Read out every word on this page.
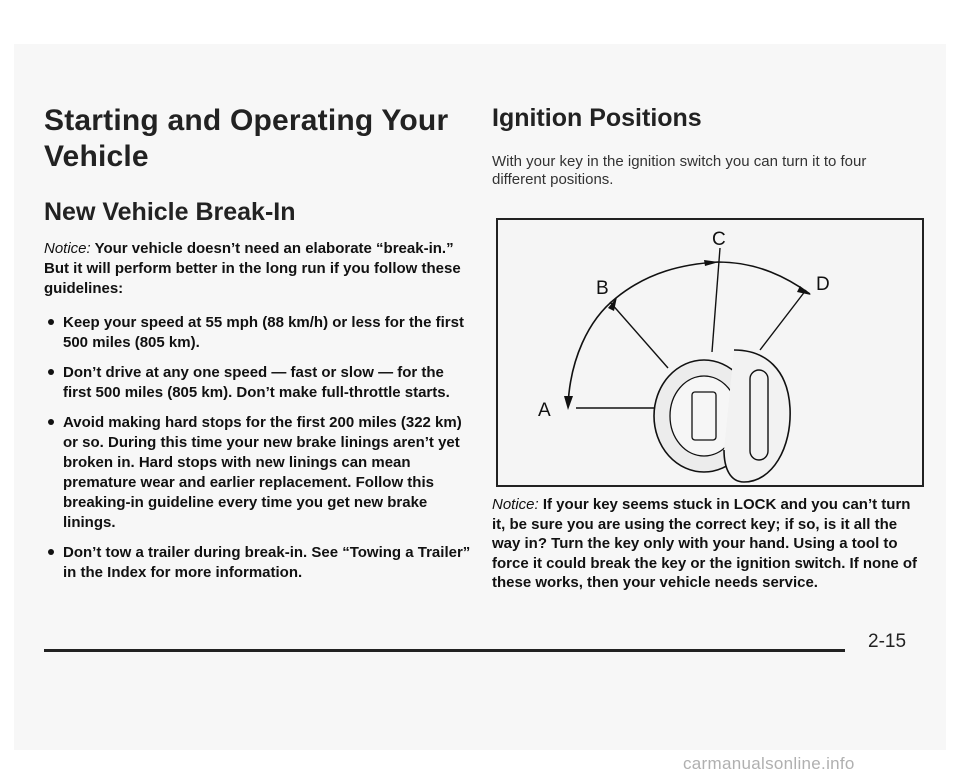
Starting and Operating Your Vehicle
New Vehicle Break-In

Notice: Your vehicle doesn’t need an elaborate “break-in.” But it will perform better in the long run if you follow these guidelines:

Keep your speed at 55 mph (88 km/h) or less for the first 500 miles (805 km).
Don’t drive at any one speed — fast or slow — for the first 500 miles (805 km). Don’t make full-throttle starts.
Avoid making hard stops for the first 200 miles (322 km) or so. During this time your new brake linings aren’t yet broken in. Hard stops with new linings can mean premature wear and earlier replacement. Follow this breaking-in guideline every time you get new brake linings.
Don’t tow a trailer during break-in. See “Towing a Trailer” in the Index for more information.
Ignition Positions

With your key in the ignition switch you can turn it to four different positions.

C
B	D
A

Notice: If your key seems stuck in LOCK and you can’t turn it, be sure you are using the correct key; if so, is it all the way in? Turn the key only with your hand. Using a tool to force it could break the key or the ignition switch. If none of these works, then your vehicle needs service.

2-15
carmanualsonline.info
